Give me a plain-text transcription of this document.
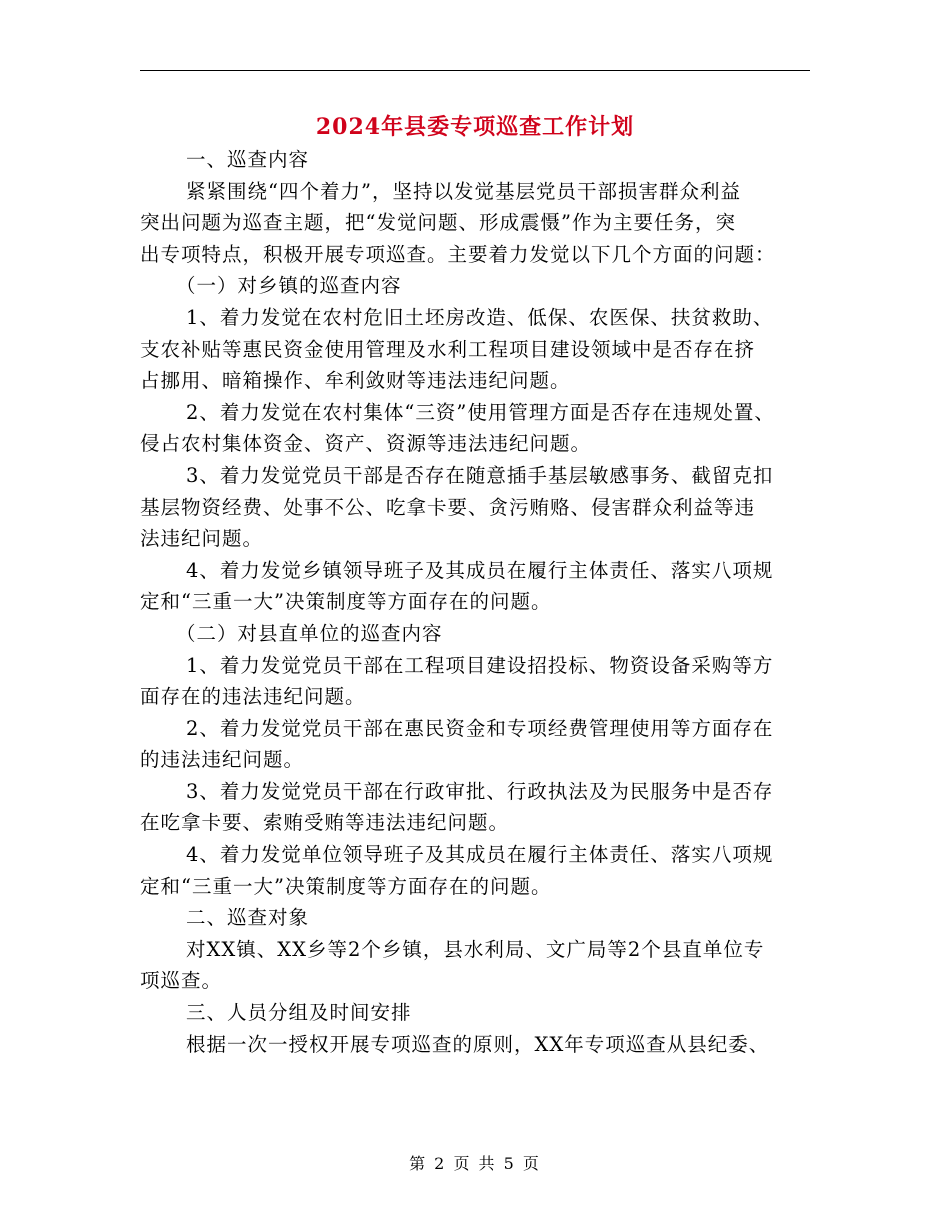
2024年县委专项巡查工作计划
一、巡查内容
紧紧围绕“四个着力”，坚持以发觉基层党员干部损害群众利益
突出问题为巡查主题，把“发觉问题、形成震慑”作为主要任务，突
出专项特点，积极开展专项巡查。主要着力发觉以下几个方面的问题：
（一）对乡镇的巡查内容
1、着力发觉在农村危旧土坯房改造、低保、农医保、扶贫救助、
支农补贴等惠民资金使用管理及水利工程项目建设领域中是否存在挤
占挪用、暗箱操作、牟利敛财等违法违纪问题。
2、着力发觉在农村集体“三资”使用管理方面是否存在违规处置、
侵占农村集体资金、资产、资源等违法违纪问题。
3、着力发觉党员干部是否存在随意插手基层敏感事务、截留克扣
基层物资经费、处事不公、吃拿卡要、贪污贿赂、侵害群众利益等违
法违纪问题。
4、着力发觉乡镇领导班子及其成员在履行主体责任、落实八项规
定和“三重一大”决策制度等方面存在的问题。
（二）对县直单位的巡查内容
1、着力发觉党员干部在工程项目建设招投标、物资设备采购等方
面存在的违法违纪问题。
2、着力发觉党员干部在惠民资金和专项经费管理使用等方面存在
的违法违纪问题。
3、着力发觉党员干部在行政审批、行政执法及为民服务中是否存
在吃拿卡要、索贿受贿等违法违纪问题。
4、着力发觉单位领导班子及其成员在履行主体责任、落实八项规
定和“三重一大”决策制度等方面存在的问题。
二、巡查对象
对XX镇、XX乡等2个乡镇，县水利局、文广局等2个县直单位专
项巡查。
三、人员分组及时间安排
根据一次一授权开展专项巡查的原则，XX年专项巡查从县纪委、
第 2 页 共 5 页
